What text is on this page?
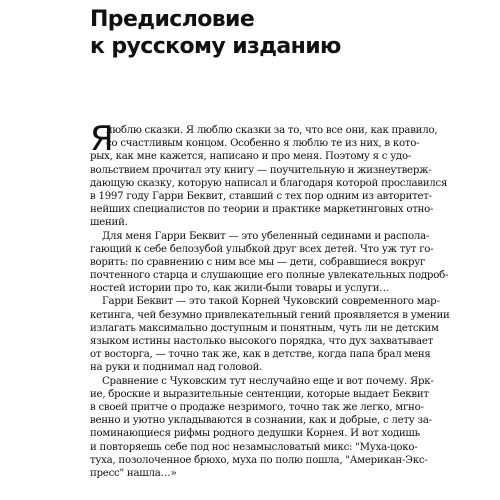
Предисловие
к русскому изданию
Я
люблю сказки. Я люблю сказки за то, что все они, как правило,
со счастливым концом. Особенно я люблю те из них, в кото-
рых, как мне кажется, написано и про меня. Поэтому я с удо-
вольствием прочитал эту книгу — поучительную и жизнеутверж-
дающую сказку, которую написал и благодаря которой прославился
в 1997 году Гарри Беквит, ставший с тех пор одним из авторитет-
нейших специалистов по теории и практике маркетинговых отно-
шений.
Для меня Гарри Беквит — это убеленный сединами и распола-
гающий к себе белозубой улыбкой друг всех детей. Что уж тут го-
ворить: по сравнению с ним все мы — дети, собравшиеся вокруг
почтенного старца и слушающие его полные увлекательных подроб-
ностей истории про то, как жили-были товары и услуги…
Гарри Беквит — это такой Корней Чуковский современного мар-
кетинга, чей безумно привлекательный гений проявляется в умении
излагать максимально доступным и понятным, чуть ли не детским
языком истины настолько высокого порядка, что дух захватывает
от восторга, — точно так же, как в детстве, когда папа брал меня
на руки и поднимал над головой.
Сравнение с Чуковским тут неслучайно еще и вот почему. Ярк-
ие, броские и выразительные сентенции, которые выдает Беквит
в своей притче о продаже незримого, точно так же легко, мгно-
венно и уютно укладываются в сознании, как и добрые, с лету за-
поминающиеся рифмы родного дедушки Корнея. И вот ходишь
и повторяешь себе под нос незамысловатый микс: "Муха-цоко-
туха, позолоченное брюхо, муха по полю пошла, "Американ-Экс-
пресс" нашла…»
